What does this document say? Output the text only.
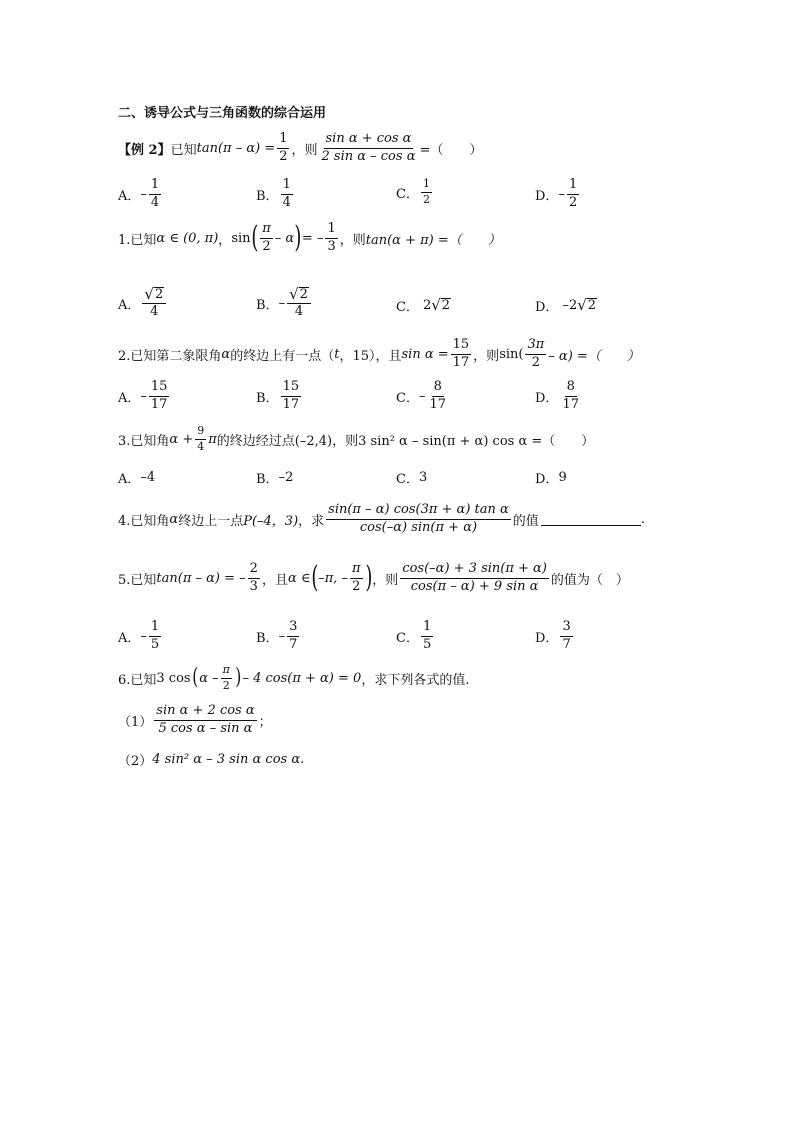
二、诱导公式与三角函数的综合运用
【例 2】 已知 $\tan(\pi - \alpha) = \frac{1}{2}$ ，则 $\frac{\text{sin α + cos α}}{\text{2 sin α – cos α}}$ =（　　）
A． – $\frac{1}{4}$	B． $\frac{1}{4}$	C． $\frac{1}{2}$	D． – $\frac{1}{2}$
1.已知 α ∈ (0, π) ， sin ( $\frac{\pi}{2}$ – α ) = – $\frac{1}{3}$ ，则 tan(α + π) =（　　）
A． $\frac{√ 2}{4}$	B． – $\frac{√ 2}{4}$	C． 2 √ 2	D． –2 √ 2
2.已知第二象限角 α 的终边上有一点（ t ，15），且 $\sin \alpha = \frac{15}{17}$ ，则 $\sin( \frac{3\pi}{2} - \alpha)$ =（　　）
A． – $\frac{15}{17}$	B． $\frac{15}{17}$	C． – $\frac{8}{17}$	D． $\frac{8}{17}$
3.已知角 $\alpha + \frac{9}{4}$ π 的终边经过点(–2,4)，则 3 sin² α – sin(π + α) cos α =（　　）
A． –4	B． –2	C． 3	D． 9
4.已知角 α 终边上一点 P(–4，3) ，求 $\frac{\text{sin(π – α) cos(3π + α) tan α}}{\cos(-\alpha) \sin(\pi + \alpha)}$ 的值	.
5.已知 tan(π – α) = – $\frac{2}{3}$ ，且 α ∈ ( –π, – $\frac{\pi}{2}$ ) ，则 $\frac{\cos(-\alpha) + 3 \sin(\pi + \alpha)}{\text{cos(π – α) + 9 sin α}}$ 的值为（　）
A． – $\frac{1}{5}$	B． – $\frac{3}{7}$	C． $\frac{1}{5}$	D． $\frac{3}{7}$
6.已知 3 cos ( α – $\frac{\pi}{2}$ ) – 4 cos(π + α) = 0 ，求下列各式的值.
$(1) \frac{\text{sin α + 2 cos α}}{\text{5 cos α – sin α}}$ ；
（2） 4 sin² α – 3 sin α cos α .
